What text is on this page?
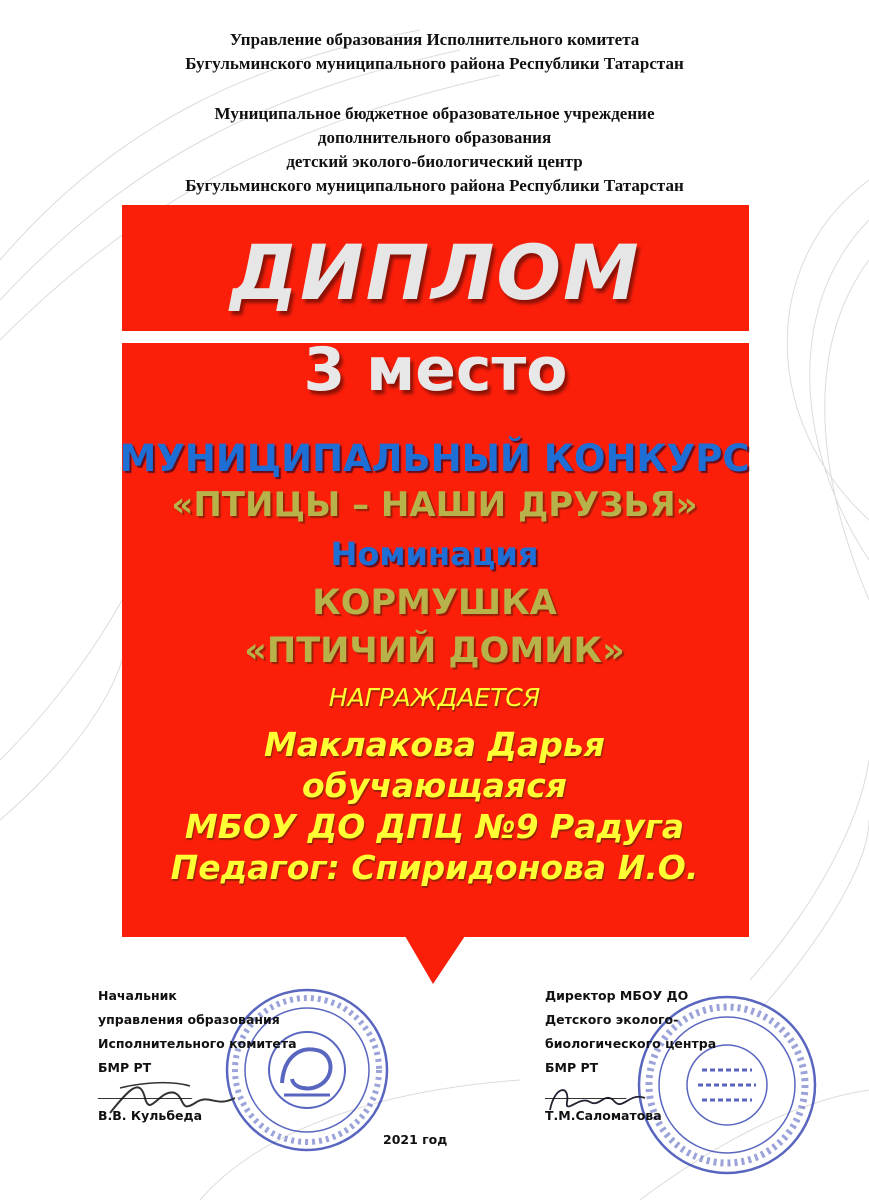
Управление образования Исполнительного комитета
Бугульминского муниципального района Республики Татарстан
Муниципальное бюджетное образовательное учреждение
дополнительного образования
детский эколого-биологический центр
Бугульминского муниципального района Республики Татарстан
ДИПЛОМ
3 место
МУНИЦИПАЛЬНЫЙ КОНКУРС
«ПТИЦЫ – НАШИ ДРУЗЬЯ»
Номинация
КОРМУШКА
«ПТИЧИЙ ДОМИК»
НАГРАЖДАЕТСЯ
Маклакова Дарья
обучающаяся
МБОУ ДО ДПЦ №9 Радуга
Педагог: Спиридонова И.О.
Начальник
управления образования
Исполнительного комитета
БМР РТ
_______________
В.В. Кульбеда
2021 год
Директор МБОУ ДО
Детского эколого-
биологического центра
БМР РТ
_____________
Т.М.Саломатова
